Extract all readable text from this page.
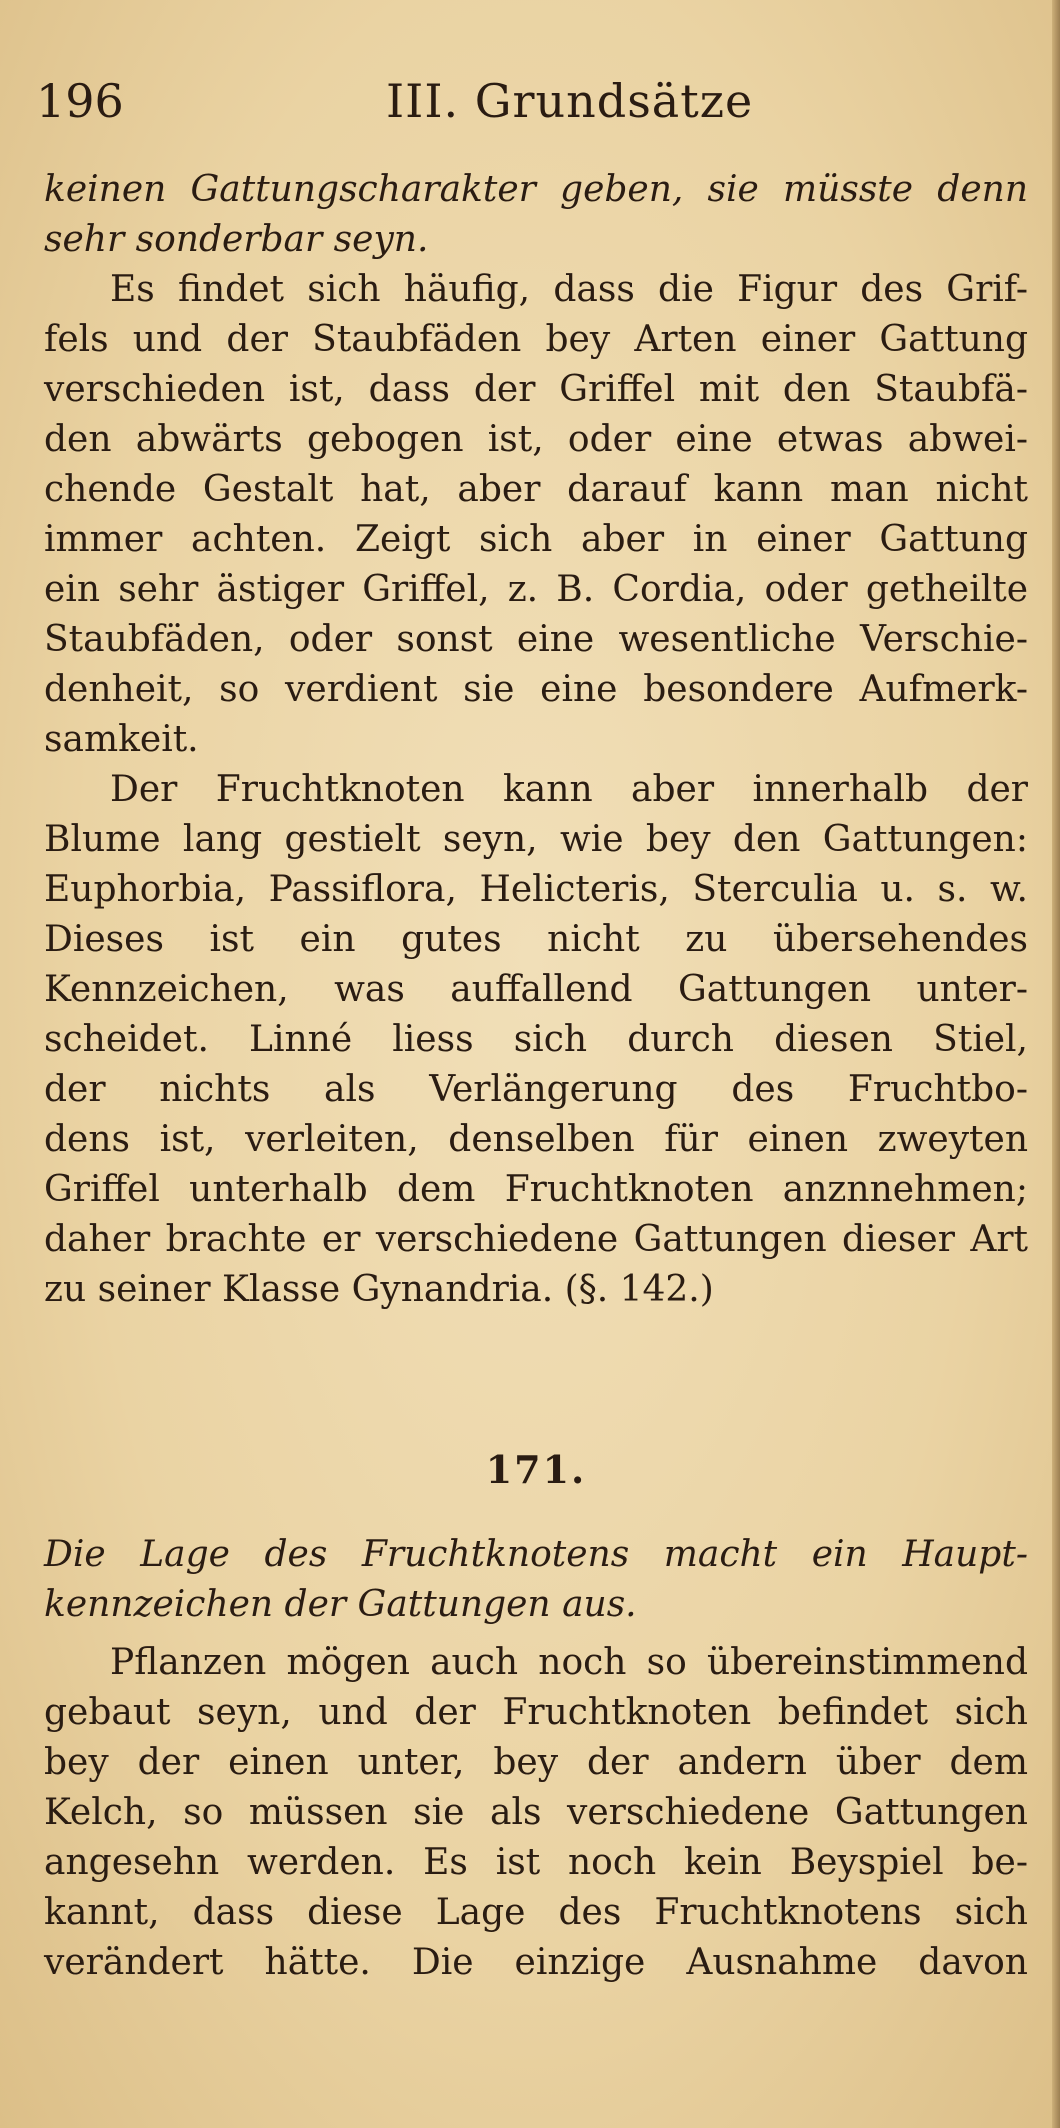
196	III. Grundsätze
keinen Gattungscharakter geben, sie müsste denn
sehr sonderbar seyn.
Es findet sich häufig, dass die Figur des Grif-
fels und der Staubfäden bey Arten einer Gattung
verschieden ist, dass der Griffel mit den Staubfä-
den abwärts gebogen ist, oder eine etwas abwei-
chende Gestalt hat, aber darauf kann man nicht
immer achten. Zeigt sich aber in einer Gattung
ein sehr ästiger Griffel, z. B. Cordia, oder getheilte
Staubfäden, oder sonst eine wesentliche Verschie-
denheit, so verdient sie eine besondere Aufmerk-
samkeit.
Der Fruchtknoten kann aber innerhalb der
Blume lang gestielt seyn, wie bey den Gattungen:
Euphorbia, Passiflora, Helicteris, Sterculia u. s. w.
Dieses ist ein gutes nicht zu übersehendes
Kennzeichen, was auffallend Gattungen unter-
scheidet. Linné liess sich durch diesen Stiel,
der nichts als Verlängerung des Fruchtbo-
dens ist, verleiten, denselben für einen zweyten
Griffel unterhalb dem Fruchtknoten anznnehmen;
daher brachte er verschiedene Gattungen dieser Art
zu seiner Klasse Gynandria. (§. 142.)
171.
Die Lage des Fruchtknotens macht ein Haupt-
kennzeichen der Gattungen aus.
Pflanzen mögen auch noch so übereinstimmend
gebaut seyn, und der Fruchtknoten befindet sich
bey der einen unter, bey der andern über dem
Kelch, so müssen sie als verschiedene Gattungen
angesehn werden. Es ist noch kein Beyspiel be-
kannt, dass diese Lage des Fruchtknotens sich
verändert hätte. Die einzige Ausnahme davon
